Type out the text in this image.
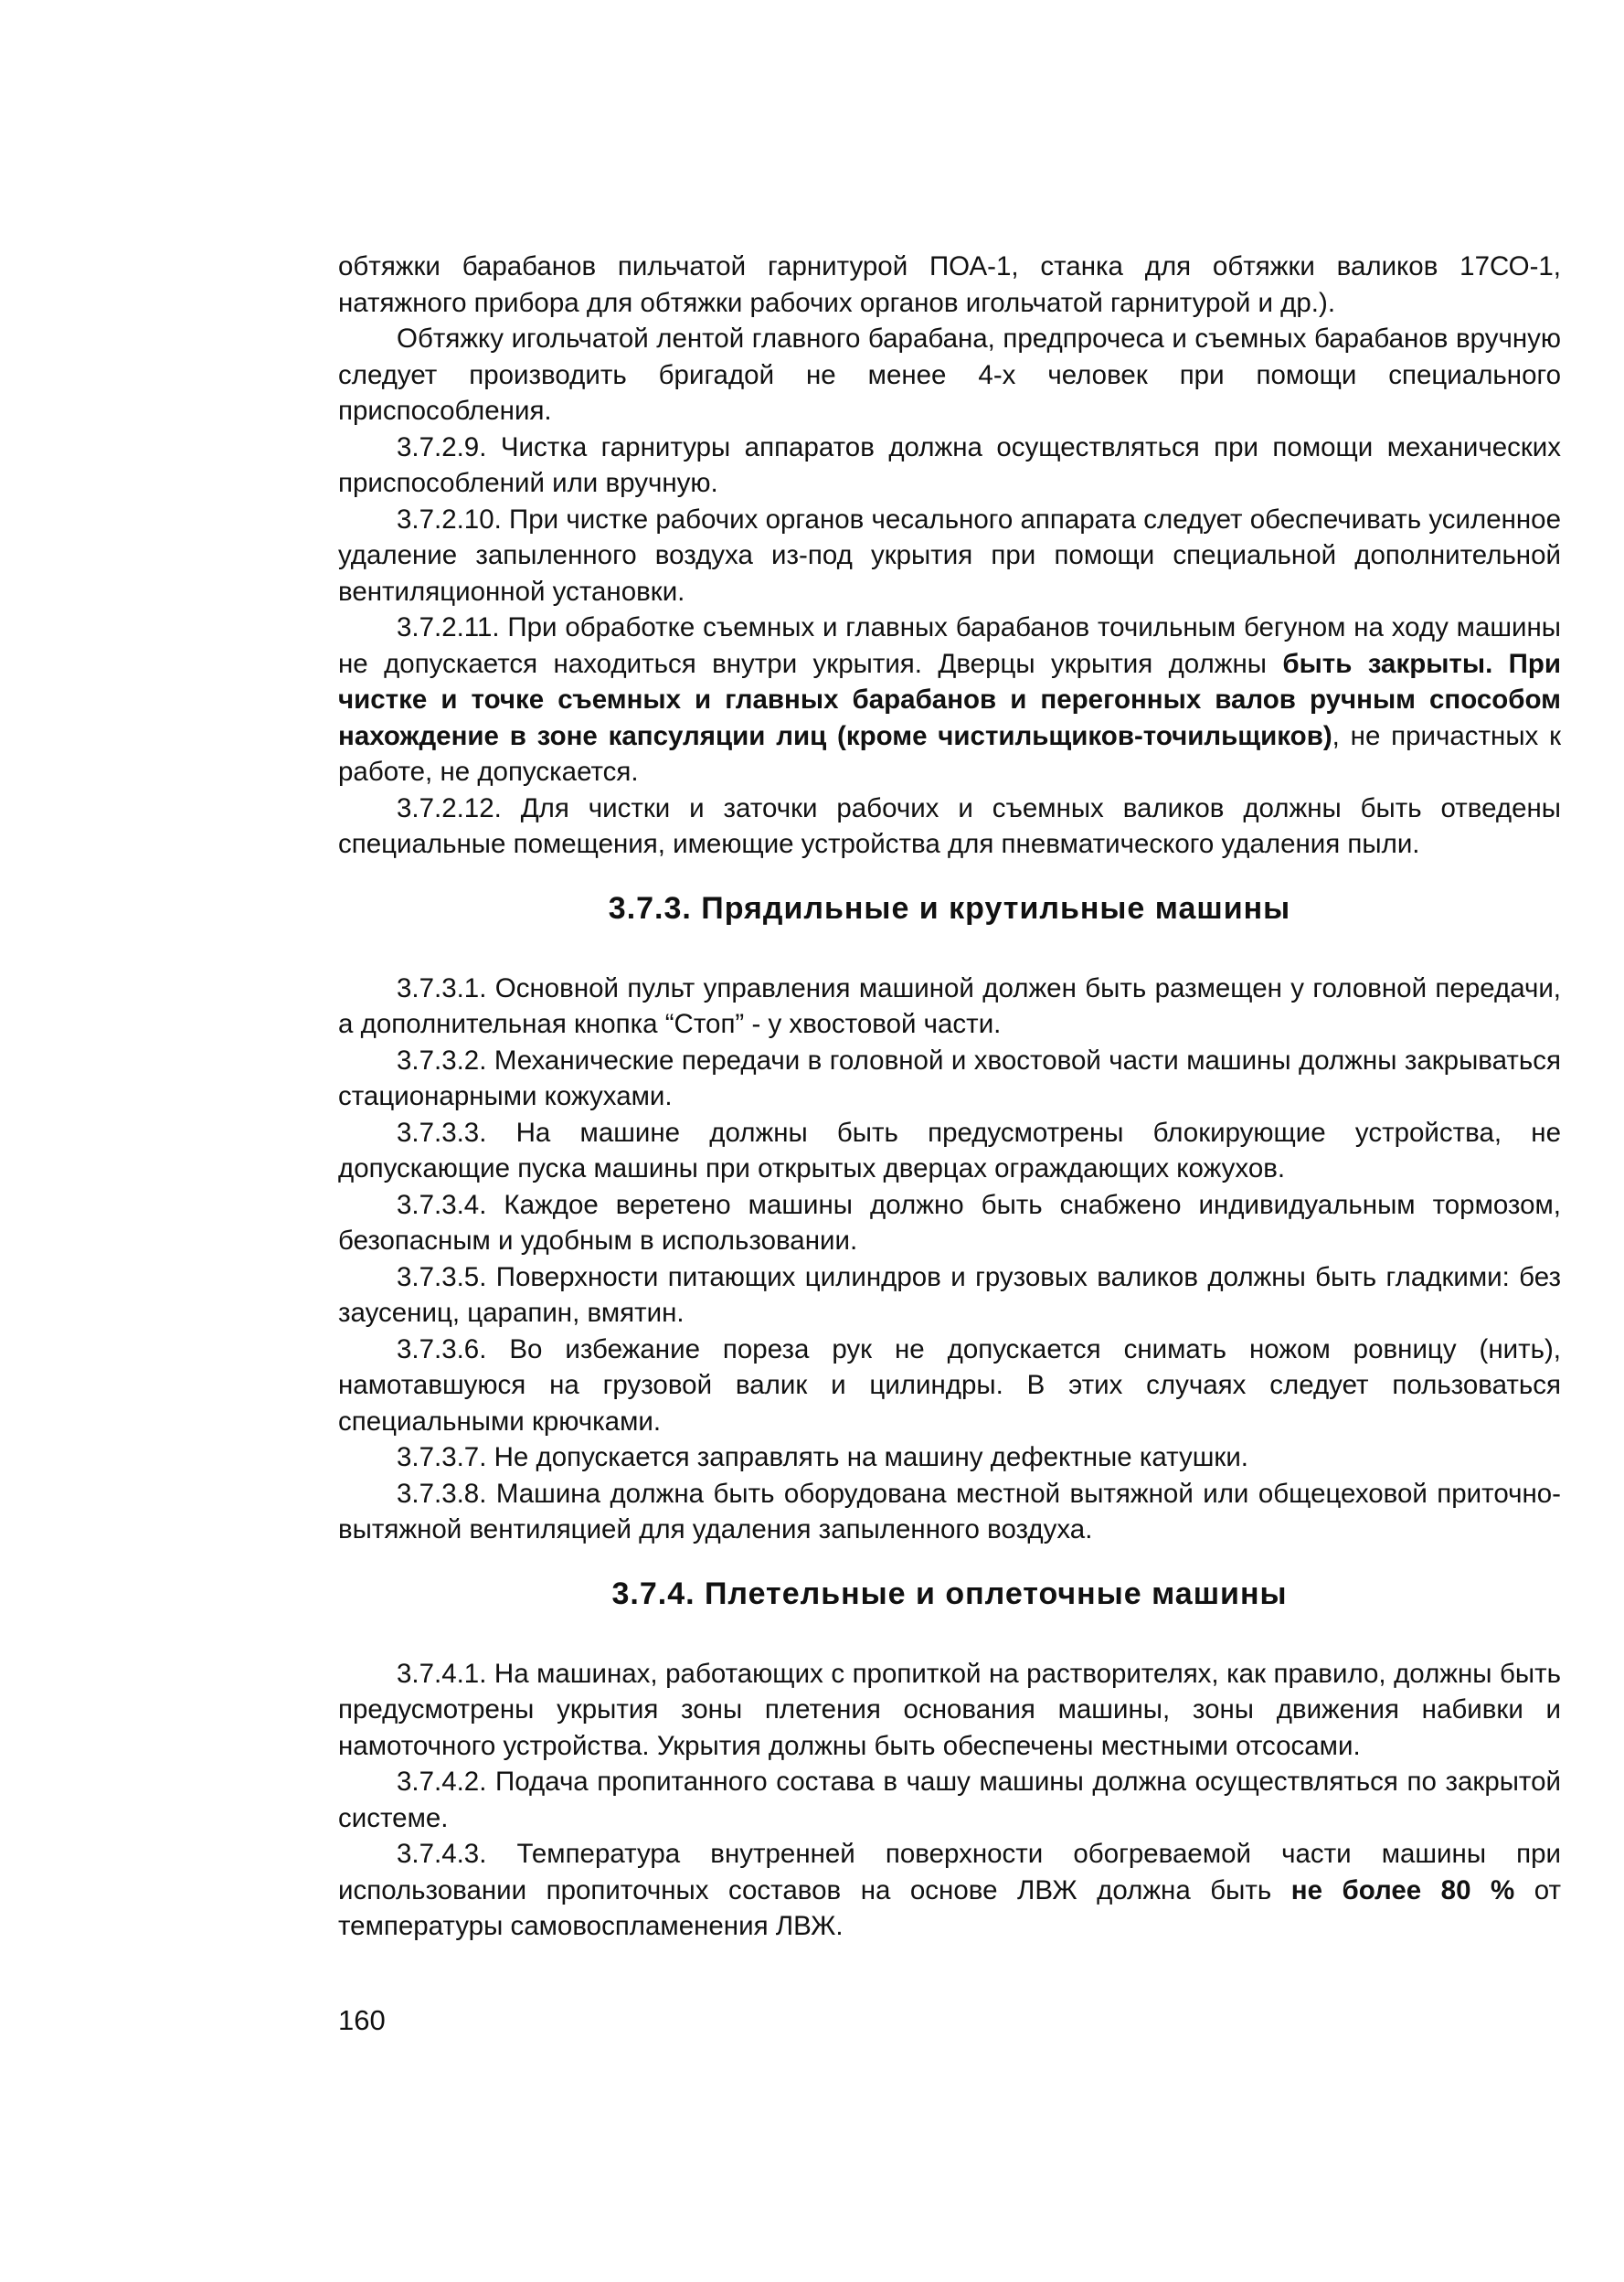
обтяжки барабанов пильчатой гарнитурой ПОА-1, станка для обтяжки валиков 17СО-1, натяжного прибора для обтяжки рабочих органов игольчатой гарнитурой и др.).

Обтяжку игольчатой лентой главного барабана, предпрочеса и съемных барабанов вручную следует производить бригадой не менее 4-х человек при помощи специального приспособления.

3.7.2.9. Чистка гарнитуры аппаратов должна осуществляться при помощи механических приспособлений или вручную.

3.7.2.10. При чистке рабочих органов чесального аппарата следует обеспечивать усиленное удаление запыленного воздуха из-под укрытия при помощи специальной дополнительной вентиляционной установки.

3.7.2.11. При обработке съемных и главных барабанов точильным бегуном на ходу машины не допускается находиться внутри укрытия. Дверцы укрытия должны быть закрыты. При чистке и точке съемных и главных барабанов и перегонных валов ручным способом нахождение в зоне капсуляции лиц (кроме чистильщиков-точильщиков), не причастных к работе, не допускается.

3.7.2.12. Для чистки и заточки рабочих и съемных валиков должны быть отведены специальные помещения, имеющие устройства для пневматического удаления пыли.

3.7.3. Прядильные и крутильные машины

3.7.3.1. Основной пульт управления машиной должен быть размещен у головной передачи, а дополнительная кнопка “Стоп” - у хвостовой части.

3.7.3.2. Механические передачи в головной и хвостовой части машины должны закрываться стационарными кожухами.

3.7.3.3. На машине должны быть предусмотрены блокирующие устройства, не допускающие пуска машины при открытых дверцах ограждающих кожухов.

3.7.3.4. Каждое веретено машины должно быть снабжено индивидуальным тормозом, безопасным и удобным в использовании.

3.7.3.5. Поверхности питающих цилиндров и грузовых валиков должны быть гладкими: без заусениц, царапин, вмятин.

3.7.3.6. Во избежание пореза рук не допускается снимать ножом ровницу (нить), намотавшуюся на грузовой валик и цилиндры. В этих случаях следует пользоваться специальными крючками.

3.7.3.7. Не допускается заправлять на машину дефектные катушки.

3.7.3.8. Машина должна быть оборудована местной вытяжной или общецеховой приточно-вытяжной вентиляцией для удаления запыленного воздуха.

3.7.4. Плетельные и оплеточные машины

3.7.4.1. На машинах, работающих с пропиткой на растворителях, как правило, должны быть предусмотрены укрытия зоны плетения основания машины, зоны движения набивки и намоточного устройства. Укрытия должны быть обеспечены местными отсосами.

3.7.4.2. Подача пропитанного состава в чашу машины должна осуществляться по закрытой системе.

3.7.4.3. Температура внутренней поверхности обогреваемой части машины при использовании пропиточных составов на основе ЛВЖ должна быть не более 80 % от температуры самовоспламенения ЛВЖ.

160
